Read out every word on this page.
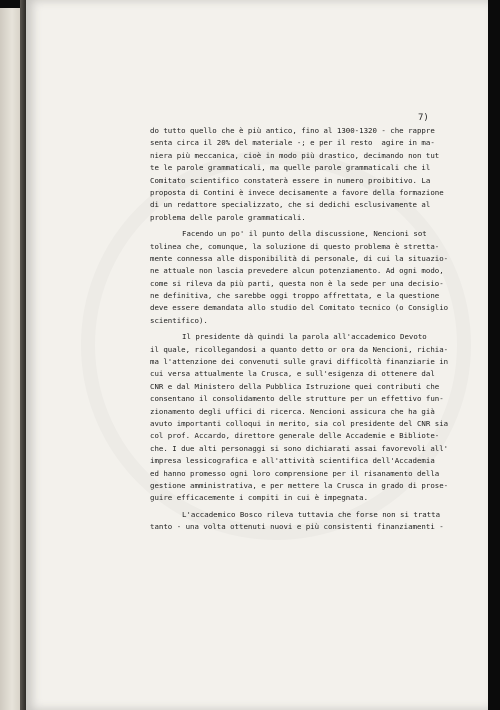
7)
do tutto quello che è più antico, fino al 1300-1320 - che rappre
senta circa il 20% del materiale -; e per il resto  agire in ma-
niera più meccanica, cioè in modo più drastico, decimando non tut
te le parole grammaticali, ma quelle parole grammaticali che il
Comitato scientifico constaterà essere in numero proibitivo. La
proposta di Contini è invece decisamente a favore della formazione
di un redattore specializzato, che si dedichi esclusivamente al
problema delle parole grammaticali.
Facendo un po' il punto della discussione, Nencioni sot
tolinea che, comunque, la soluzione di questo problema è stretta-
mente connessa alle disponibilità di personale, di cui la situazio-
ne attuale non lascia prevedere alcun potenziamento. Ad ogni modo,
come si rileva da più parti, questa non è la sede per una decisio-
ne definitiva, che sarebbe oggi troppo affrettata, e la questione
deve essere demandata allo studio del Comitato tecnico (o Consiglio
scientifico).
Il presidente dà quindi la parola all'accademico Devoto
il quale, ricollegandosi a quanto detto or ora da Nencioni, richia-
ma l'attenzione dei convenuti sulle gravi difficoltà finanziarie in
cui versa attualmente la Crusca, e sull'esigenza di ottenere dal
CNR e dal Ministero della Pubblica Istruzione quei contributi che
consentano il consolidamento delle strutture per un effettivo fun-
zionamento degli uffici di ricerca. Nencioni assicura che ha già
avuto importanti colloqui in merito, sia col presidente del CNR sia
col prof. Accardo, direttore generale delle Accademie e Bibliote-
che. I due alti personaggi si sono dichiarati assai favorevoli all'
impresa lessicografica e all'attività scientifica dell'Accademia
ed hanno promesso ogni loro comprensione per il risanamento della
gestione amministrativa, e per mettere la Crusca in grado di prose-
guire efficacemente i compiti in cui è impegnata.
L'accademico Bosco rileva tuttavia che forse non si tratta
tanto - una volta ottenuti nuovi e più consistenti finanziamenti -
